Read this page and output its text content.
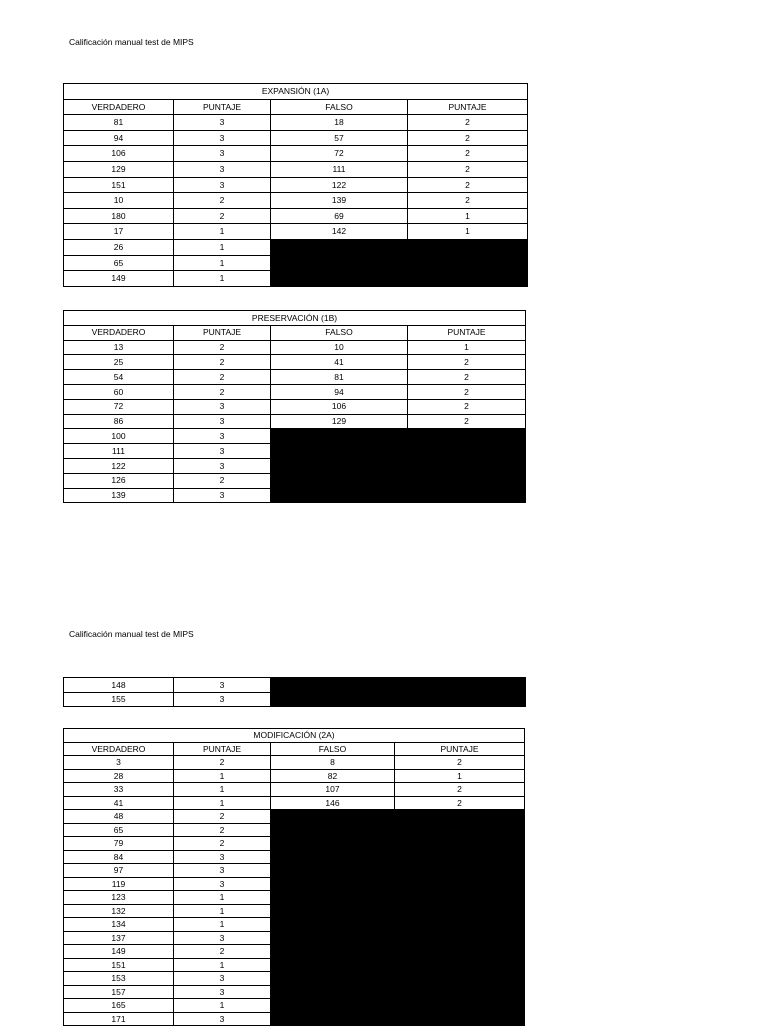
Calificación manual test de MIPS
EXPANSIÓN (1A)			
VERDADERO	PUNTAJE	FALSO	PUNTAJE
81	3	18	2
94	3	57	2
106	3	72	2
129	3	111	2
151	3	122	2
10	2	139	2
180	2	69	1
17	1	142	1
26	1		
65	1		
149	1		
PRESERVACIÓN (1B)			
VERDADERO	PUNTAJE	FALSO	PUNTAJE
13	2	10	1
25	2	41	2
54	2	81	2
60	2	94	2
72	3	106	2
86	3	129	2
100	3		
111	3		
122	3		
126	2		
139	3		
Calificación manual test de MIPS
148	3	
155	3	
MODIFICACIÓN (2A)			
VERDADERO	PUNTAJE	FALSO	PUNTAJE
3	2	8	2
28	1	82	1
33	1	107	2
41	1	146	2
48	2		
65	2		
79	2		
84	3		
97	3		
119	3		
123	1		
132	1		
134	1		
137	3		
149	2		
151	1		
153	3		
157	3		
165	1		
171	3		
